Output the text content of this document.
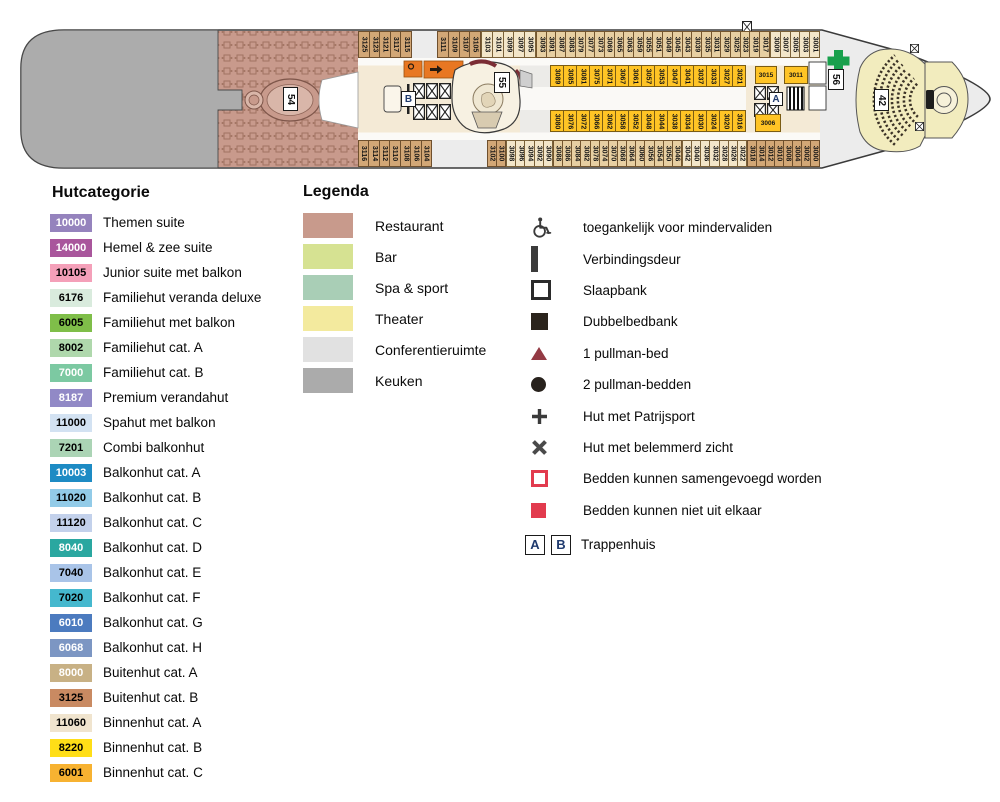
3125 3123 3121 3117 3115	3111 3109 3107 3105 3103 3101 3099 3097 3095 3093 3091 3087 3083 3079 3077 3073 3069 3065 3063 3059 3055 3051 3049 3045 3043 3039 3035 3031 3029 3025 3023 3019 3017 3009 3007 3005 3003 3001
3089 3085 3081 3075 3071 3067 3061 3057 3053 3047 3041 3037 3033 3027 3021	3015 3011
3080 3076 3072 3066 3062 3058 3052 3048 3044 3038 3034 3030 3024 3020 3016	3006
3116 3114 3112 3110 3108 3106 3104	3102 3100 3098 3096 3094 3092 3090 3088 3086 3084 3082 3078 3074 3070 3068 3064 3060 3056 3054 3050 3046 3042 3040 3036 3032 3028 3026 3022 3018 3014 3012 3010 3008 3004 3002 3000
54
55
B	A
56
42
Hutcategorie
10000	Themen suite
14000	Hemel & zee suite
10105	Junior suite met balkon
6176	Familiehut veranda deluxe
6005	Familiehut met balkon
8002	Familiehut cat. A
7000	Familiehut cat. B
8187	Premium verandahut
11000	Spahut met balkon
7201	Combi balkonhut
10003	Balkonhut cat. A
11020	Balkonhut cat. B
11120	Balkonhut cat. C
8040	Balkonhut cat. D
7040	Balkonhut cat. E
7020	Balkonhut cat. F
6010	Balkonhut cat. G
6068	Balkonhut cat. H
8000	Buitenhut cat. A
3125	Buitenhut cat. B
11060	Binnenhut cat. A
8220	Binnenhut cat. B
6001	Binnenhut cat. C
Legenda
Restaurant
Bar
Spa & sport
Theater
Conferentieruimte
Keuken
toegankelijk voor mindervaliden
Verbindingsdeur
Slaapbank
Dubbelbedbank
1 pullman-bed
2 pullman-bedden
Hut met Patrijsport
Hut met belemmerd zicht
Bedden kunnen samengevoegd worden
Bedden kunnen niet uit elkaar
A	B	Trappenhuis
